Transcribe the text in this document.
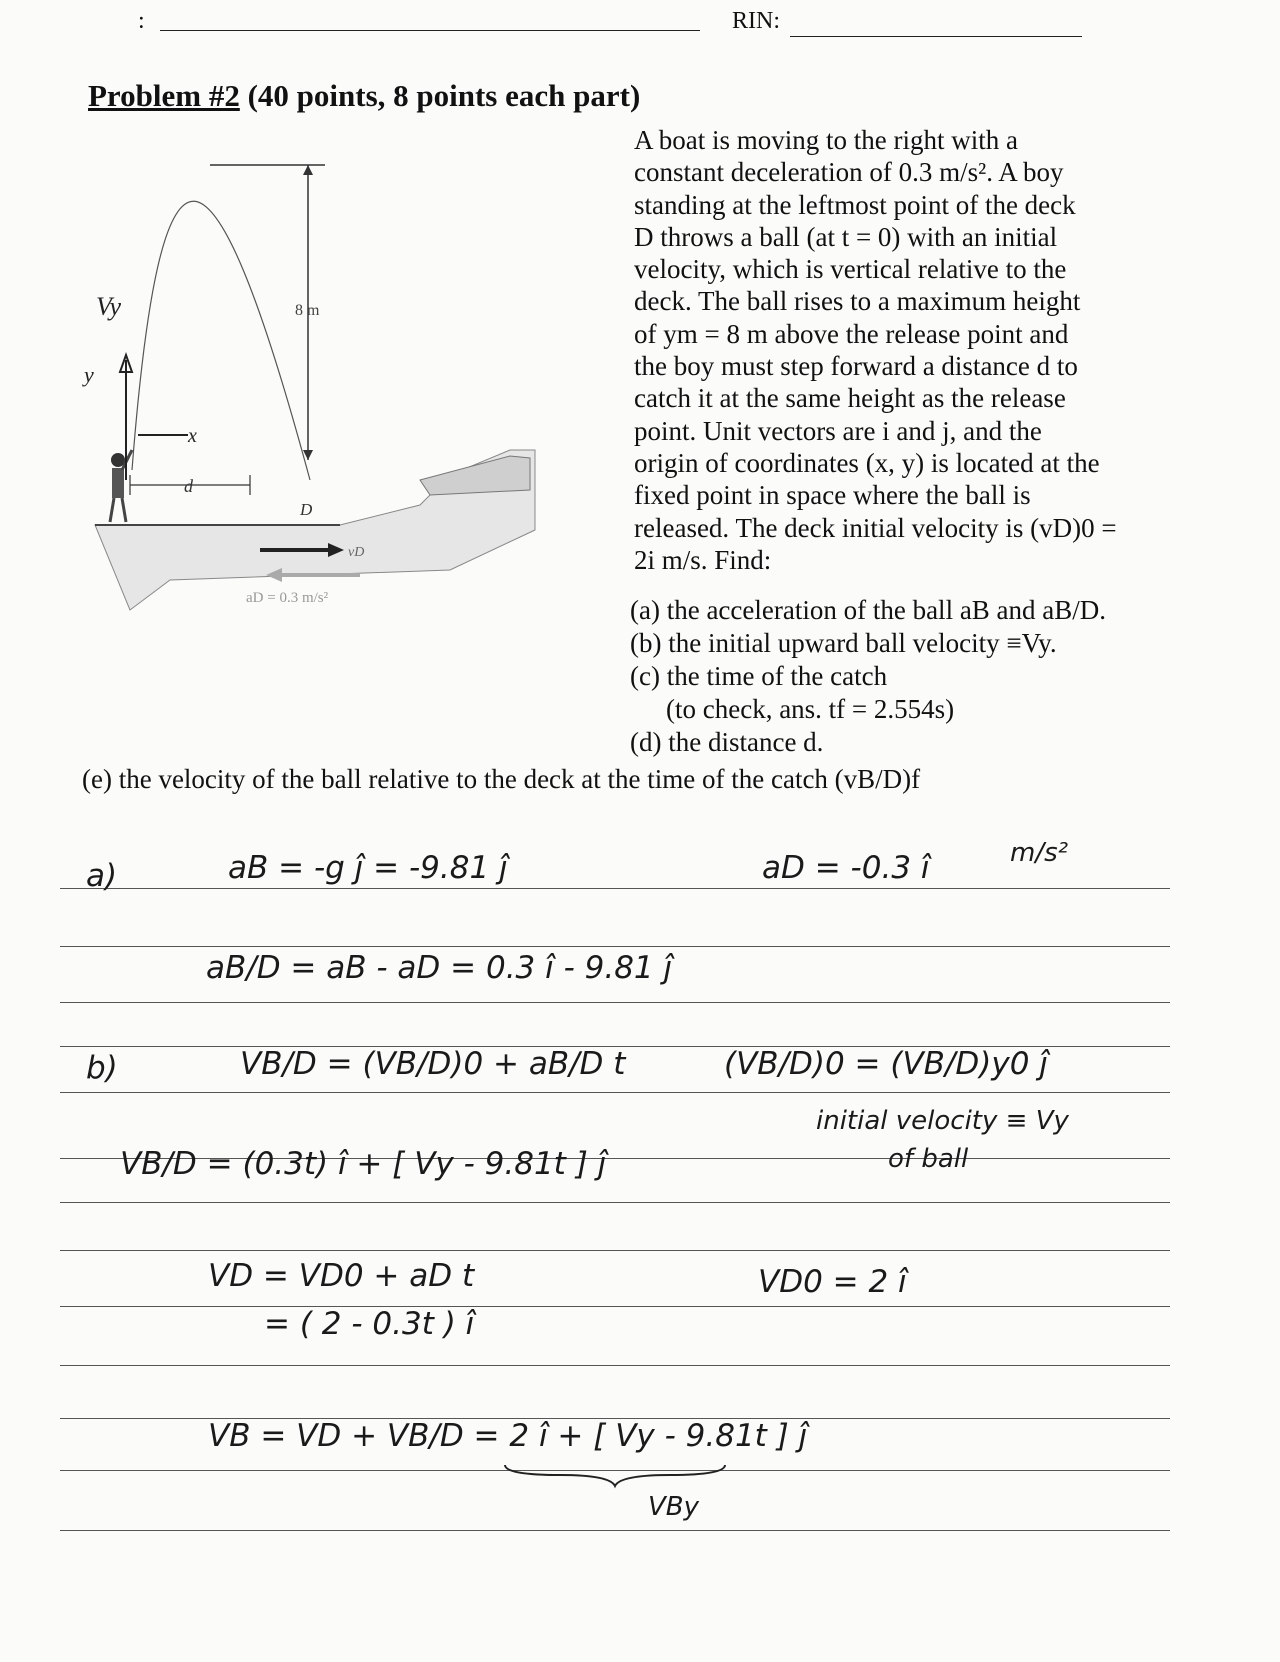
:	RIN:
Problem #2 (40 points, 8 points each part)

A boat is moving to the right with a

constant deceleration of 0.3 m/s². A boy

standing at the leftmost point of the deck

D throws a ball (at t = 0) with an initial

velocity, which is vertical relative to the

deck. The ball rises to a maximum height

of ym = 8 m above the release point and

the boy must step forward a distance d to

catch it at the same height as the release

point. Unit vectors are i and j, and the

origin of coordinates (x, y) is located at the

fixed point in space where the ball is

released. The deck initial velocity is (vD)0 =

2i m/s. Find:

(a) the acceleration of the ball aB and aB/D.

(b) the initial upward ball velocity ≡Vy.

(c) the time of the catch

(to check, ans. tf = 2.554s)

(d) the distance d.

(e) the velocity of the ball relative to the deck at the time of the catch (vB/D)f
8 m
d
D
vD
aD = 0.3 m/s²
x
Vy
y
a)	aB = -g ĵ = -9.81 ĵ	aD = -0.3 î	m/s²
aB/D = aB - aD = 0.3 î - 9.81 ĵ
b)	VB/D = (VB/D)0 + aB/D t	(VB/D)0 = (VB/D)y0 ĵ
initial velocity ≡ Vy
of ball
VB/D = (0.3t) î + [ Vy - 9.81t ] ĵ
VD = VD0 + aD t
= ( 2 - 0.3t ) î
VD0 = 2 î
VB = VD + VB/D = 2 î + [ Vy - 9.81t ] ĵ
VBy
